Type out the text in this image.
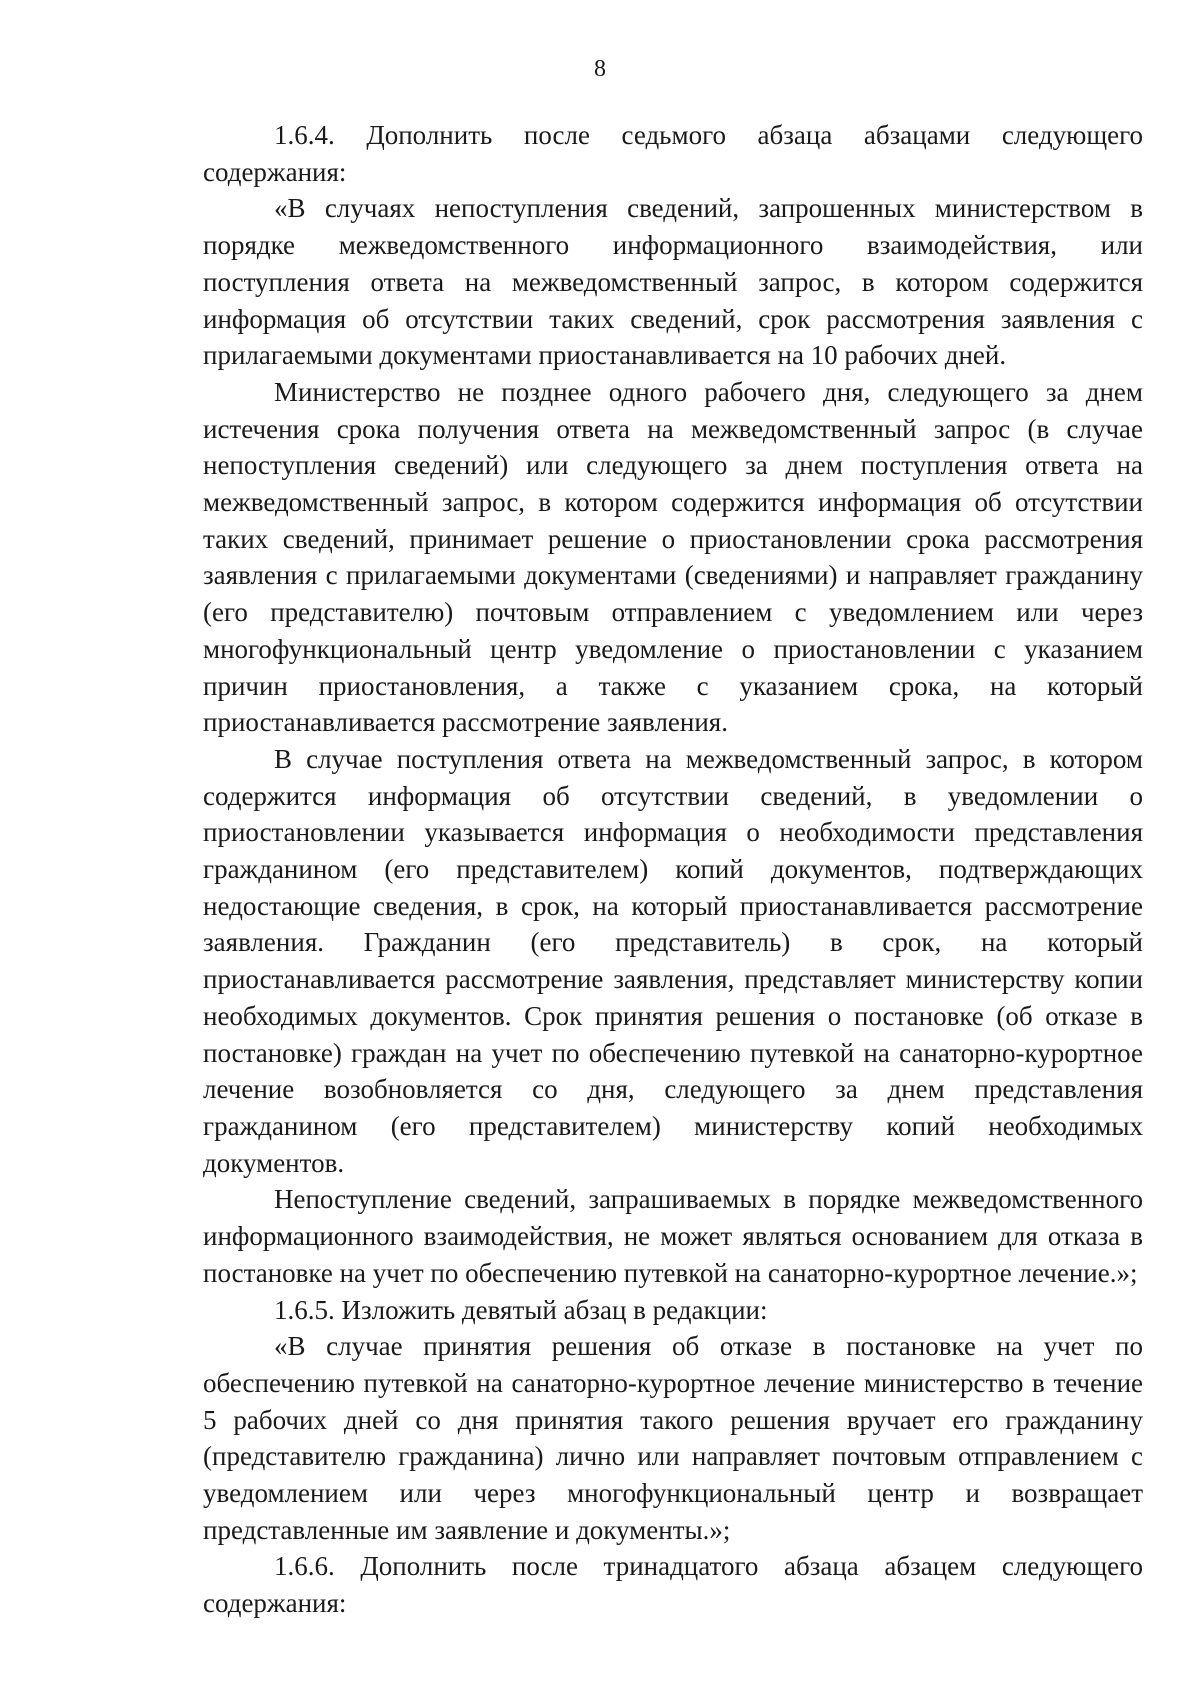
8

1.6.4. Дополнить после седьмого абзаца абзацами следующего содержания:

«В случаях непоступления сведений, запрошенных министерством в порядке межведомственного информационного взаимодействия, или поступления ответа на межведомственный запрос, в котором содержится информация об отсутствии таких сведений, срок рассмотрения заявления с прилагаемыми документами приостанавливается на 10 рабочих дней.

Министерство не позднее одного рабочего дня, следующего за днем истечения срока получения ответа на межведомственный запрос (в случае непоступления сведений) или следующего за днем поступления ответа на межведомственный запрос, в котором содержится информация об отсутствии таких сведений, принимает решение о приостановлении срока рассмотрения заявления с прилагаемыми документами (сведениями) и направляет гражданину (его представителю) почтовым отправлением с уведомлением или через многофункциональный центр уведомление о приостановлении с указанием причин приостановления, а также с указанием срока, на который приостанавливается рассмотрение заявления.

В случае поступления ответа на межведомственный запрос, в котором содержится информация об отсутствии сведений, в уведомлении о приостановлении указывается информация о необходимости представления гражданином (его представителем) копий документов, подтверждающих недостающие сведения, в срок, на который приостанавливается рассмотрение заявления. Гражданин (его представитель) в срок, на который приостанавливается рассмотрение заявления, представляет министерству копии необходимых документов. Срок принятия решения о постановке (об отказе в постановке) граждан на учет по обеспечению путевкой на санаторно-курортное лечение возобновляется со дня, следующего за днем представления гражданином (его представителем) министерству копий необходимых документов.

Непоступление сведений, запрашиваемых в порядке межведомственного информационного взаимодействия, не может являться основанием для отказа в постановке на учет по обеспечению путевкой на санаторно-курортное лечение.»;

1.6.5. Изложить девятый абзац в редакции:

«В случае принятия решения об отказе в постановке на учет по обеспечению путевкой на санаторно-курортное лечение министерство в течение 5 рабочих дней со дня принятия такого решения вручает его гражданину (представителю гражданина) лично или направляет почтовым отправлением с уведомлением или через многофункциональный центр и возвращает представленные им заявление и документы.»;

1.6.6. Дополнить после тринадцатого абзаца абзацем следующего содержания:
